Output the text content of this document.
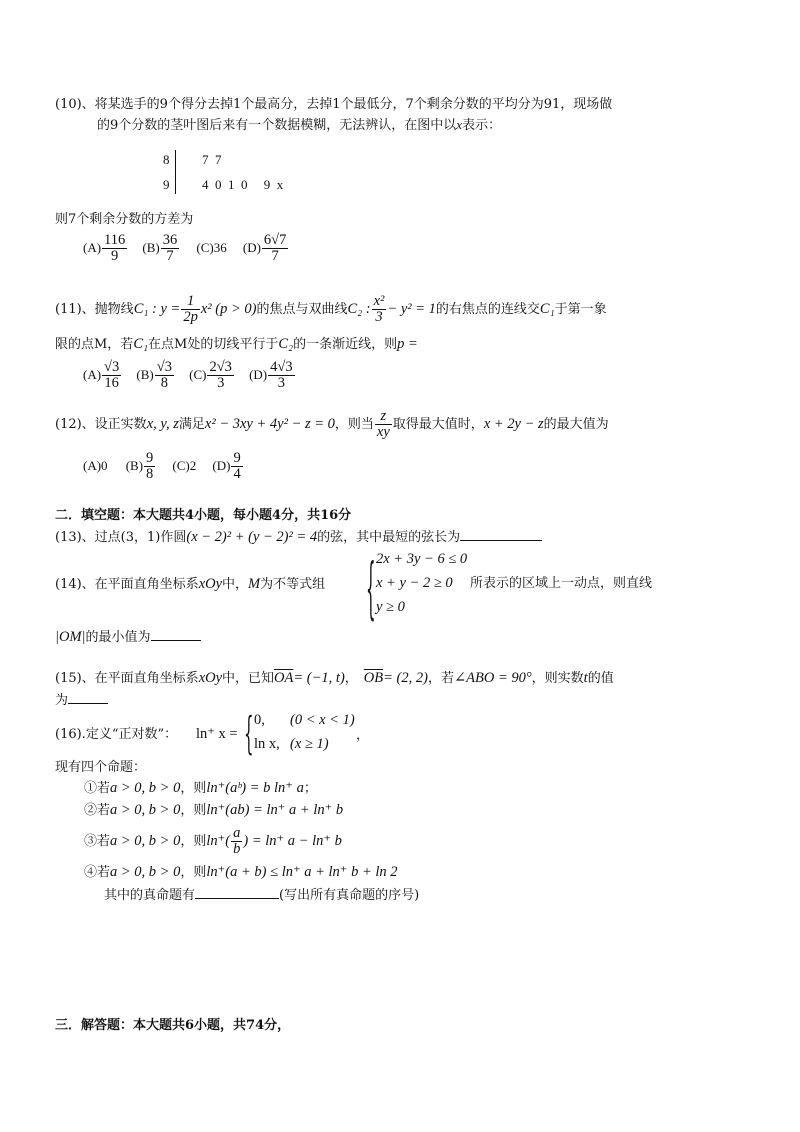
(10)、将某选手的9个得分去掉1个最高分，去掉1个最低分，7个剩余分数的平均分为91，现场做
的9个分数的茎叶图后来有一个数据模糊，无法辨认，在图中以x表示：
8
9
7  7
4  0  1  0     9  x
则7个剩余分数的方差为
$(A) \frac{116}{9} (B) \frac{36}{7} (C)36$ $(D) \frac{6√7}{7}$
(11)、抛物线C₁ : $y = \frac{1}{2p} x^2$ (p > 0)的焦点与双曲线C₂ : $\frac{\text{x²}}{3} - y^2 = 1$的右焦点的连线交C₁于第一象
限的点M，若C₁在点M处的切线平行于C₂的一条渐近线，则p =
$(A) \frac{√3}{16} (B) \frac{√3}{8} (C) \frac{2√3}{3} (D) \frac{4√3}{3}$
(12)、设正实数x, y, z满足x² − 3xy + 4y² − z = 0，则当 $\frac{z}{xy}$ 取得最大值时，x + 2y − z的最大值为
(A)0 $(B) \frac{9}{8} (C)2$ $(D) \frac{9}{4}$
二．填空题：本大题共4小题，每小题4分，共16分
(13)、过点(3，1)作圆(x − 2)² + (y − 2)² = 4的弦，其中最短的弦长为
(14)、在平面直角坐标系xOy中，M为不等式组	{ 2x + 3y − 6 ≤ 0
x + y − 2 ≥ 0
y ≥ 0
所表示的区域上一动点，则直线
|OM|的最小值为
(15)、在平面直角坐标系xOy中，已知$\overline{OA}= (-1$, t)， $\overline{OB}= (2$, 2)，若∠ABO = 90°，则实数t的值
为
(16).定义“正对数”： ln⁺ x = { 0, (0 < x < 1)
ln x, (x ≥ 1)
，
现有四个命题：
①若a > 0, b > 0，则ln⁺(aᵇ) = b ln⁺ a；
②若a > 0, b > 0，则ln⁺(ab) = ln⁺ a + ln⁺ b
③若a > 0, b > 0，则$\ln^+( \frac{a}{b}$ ) = ln⁺ a − ln⁺ b
④若a > 0, b > 0，则ln⁺(a + b) ≤ ln⁺ a + ln⁺ b + ln 2
其中的真命题有	(写出所有真命题的序号)
三．解答题：本大题共6小题，共74分，
